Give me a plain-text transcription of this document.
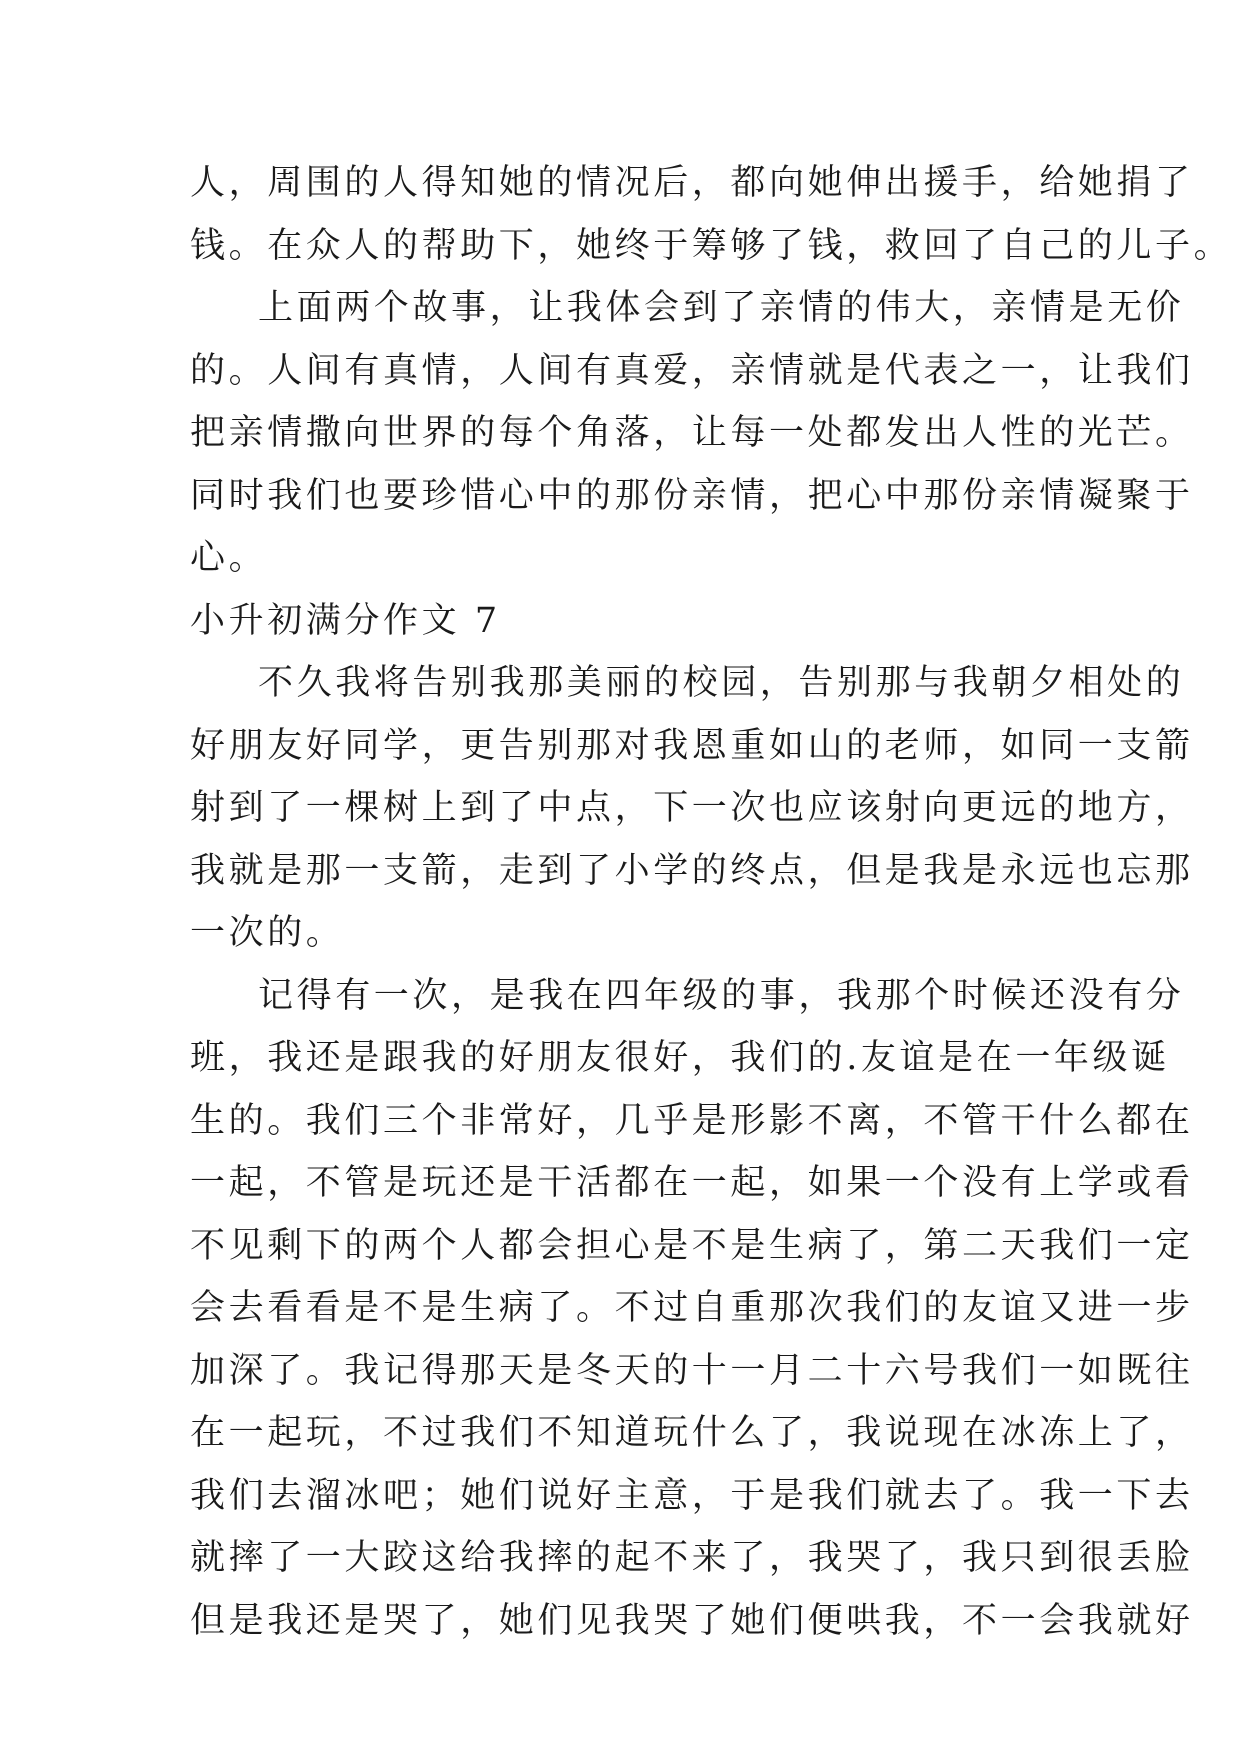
人，周围的人得知她的情况后，都向她伸出援手，给她捐了
钱。在众人的帮助下，她终于筹够了钱，救回了自己的儿子。
上面两个故事，让我体会到了亲情的伟大，亲情是无价
的。人间有真情，人间有真爱，亲情就是代表之一，让我们
把亲情撒向世界的每个角落，让每一处都发出人性的光芒。
同时我们也要珍惜心中的那份亲情，把心中那份亲情凝聚于
心。
小升初满分作文 7
不久我将告别我那美丽的校园，告别那与我朝夕相处的
好朋友好同学，更告别那对我恩重如山的老师，如同一支箭
射到了一棵树上到了中点，下一次也应该射向更远的地方，
我就是那一支箭，走到了小学的终点，但是我是永远也忘那
一次的。
记得有一次，是我在四年级的事，我那个时候还没有分
班，我还是跟我的好朋友很好，我们的.友谊是在一年级诞
生的。我们三个非常好，几乎是形影不离，不管干什么都在
一起，不管是玩还是干活都在一起，如果一个没有上学或看
不见剩下的两个人都会担心是不是生病了，第二天我们一定
会去看看是不是生病了。不过自重那次我们的友谊又进一步
加深了。我记得那天是冬天的十一月二十六号我们一如既往
在一起玩，不过我们不知道玩什么了，我说现在冰冻上了，
我们去溜冰吧；她们说好主意，于是我们就去了。我一下去
就摔了一大跤这给我摔的起不来了，我哭了，我只到很丢脸
但是我还是哭了，她们见我哭了她们便哄我，不一会我就好
